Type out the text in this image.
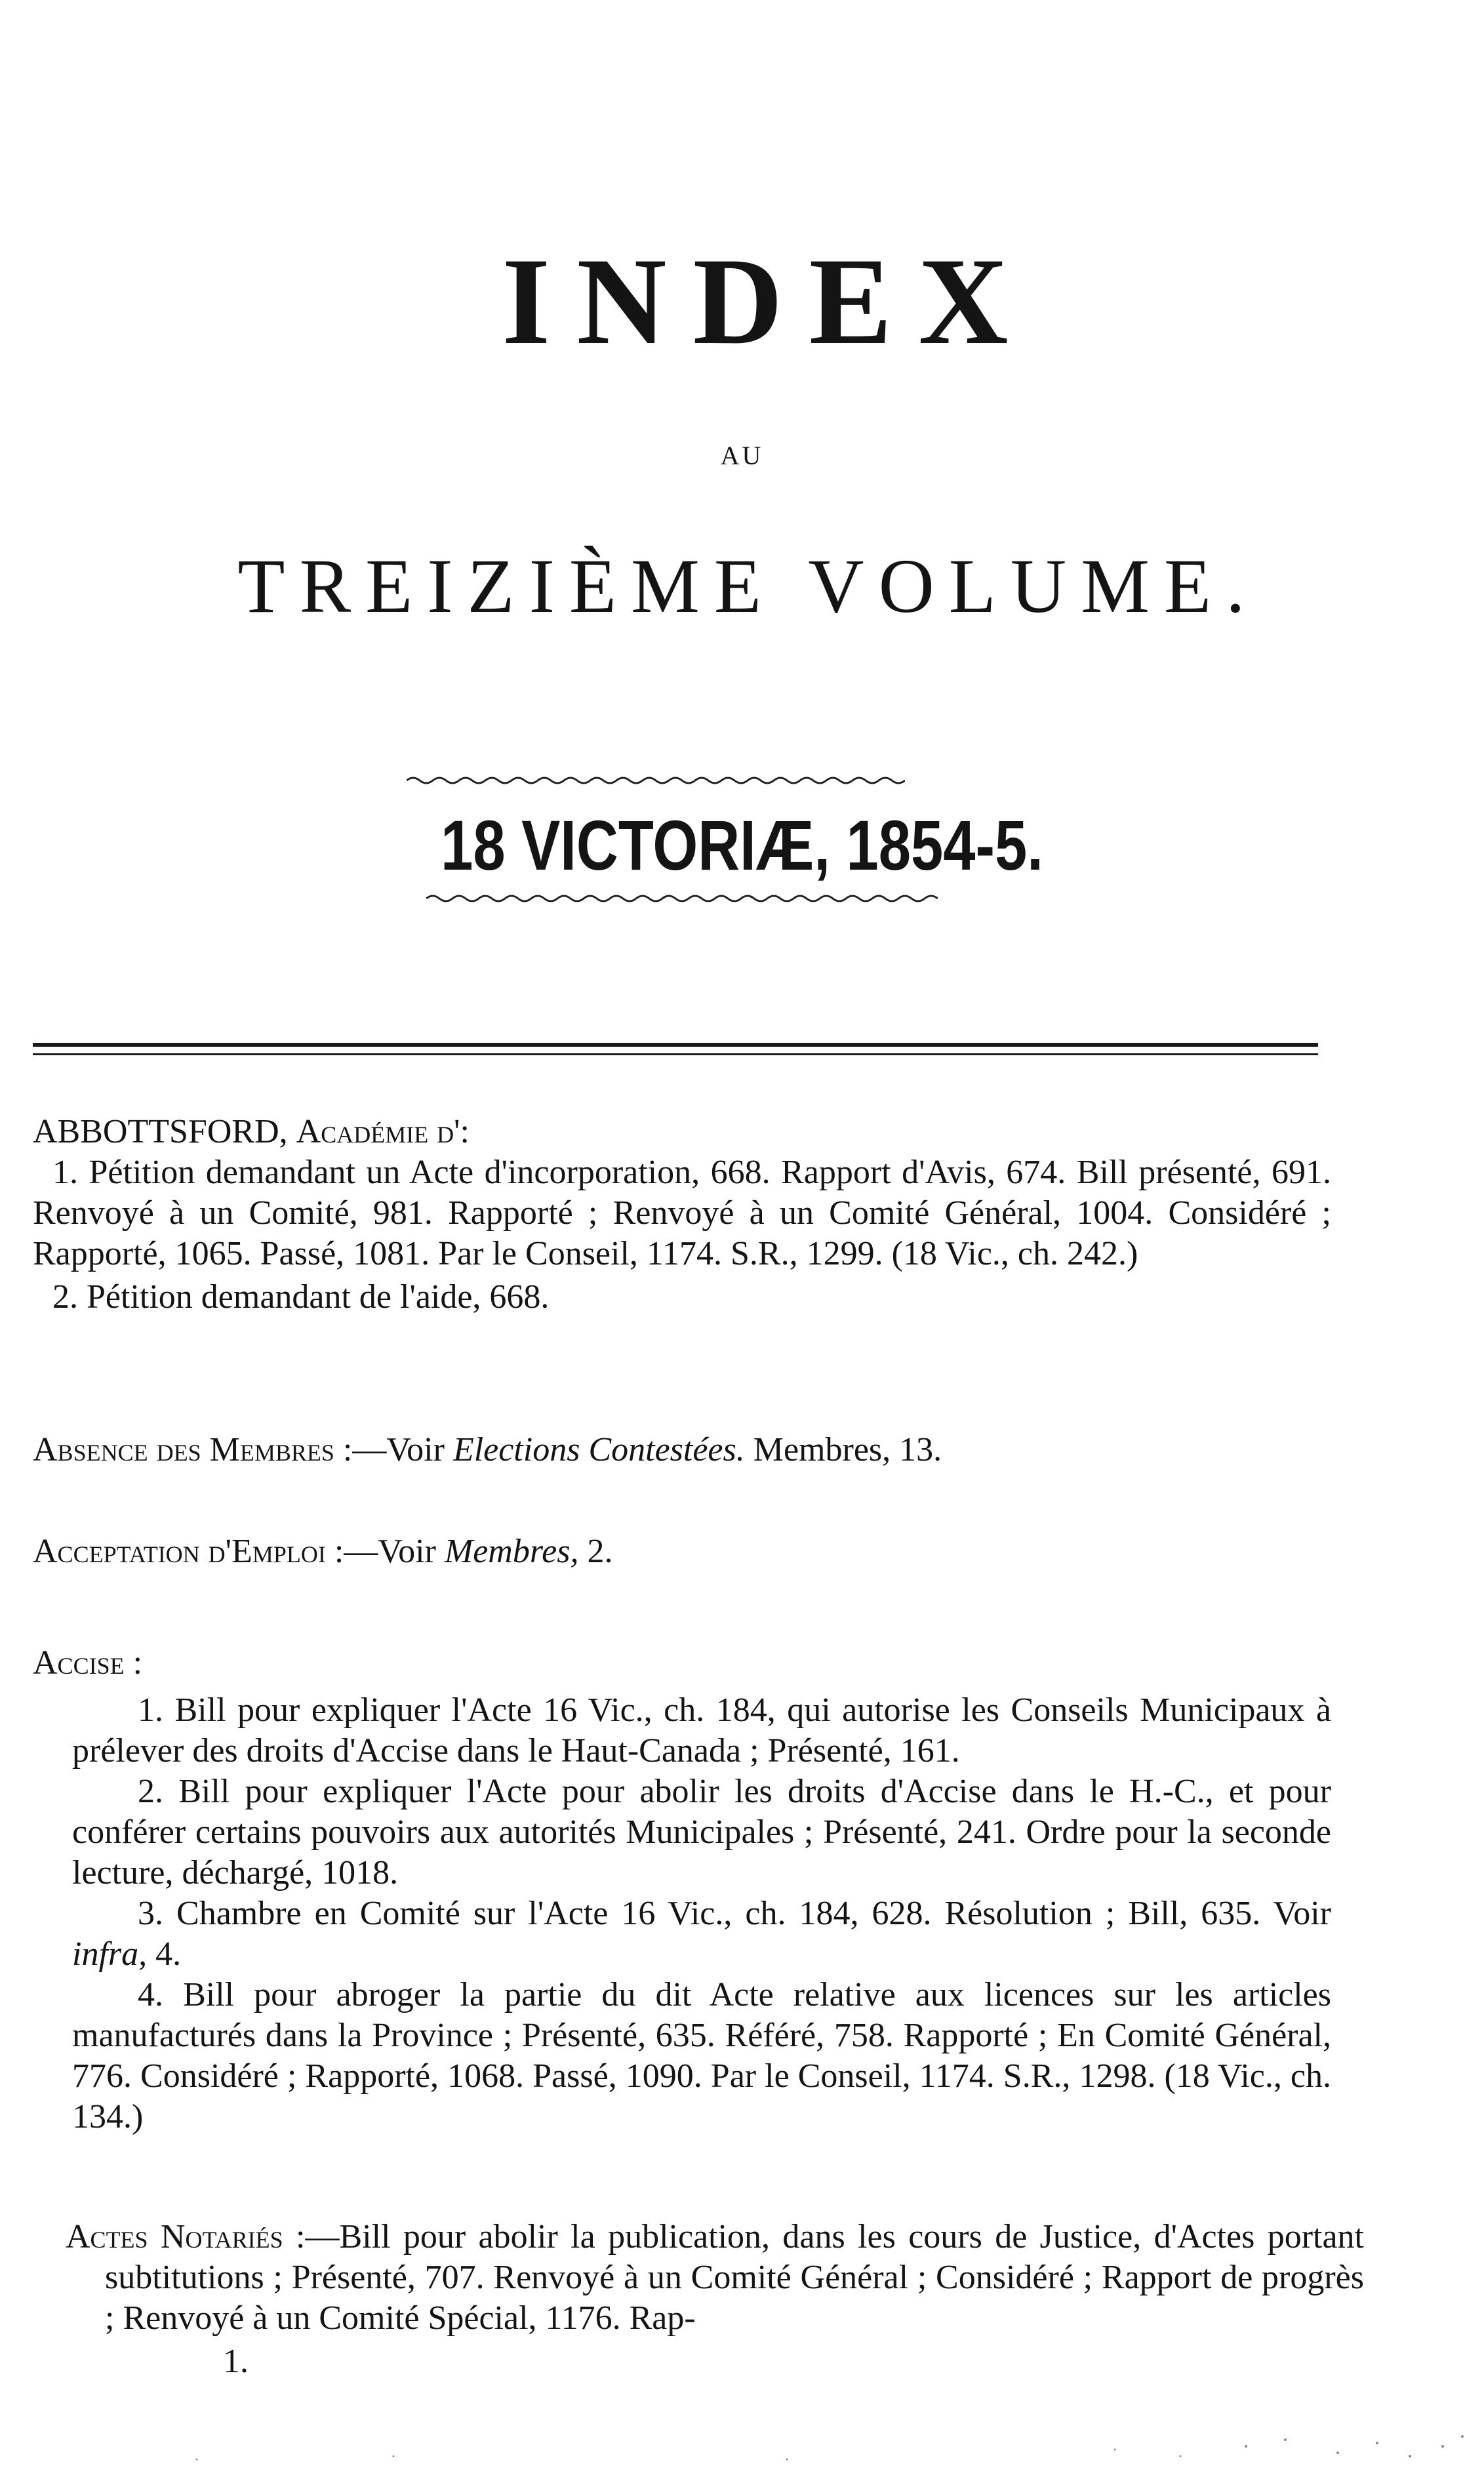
INDEX
AU
TREIZIÈME VOLUME.
18 VICTORIÆ, 1854-5.
ABBOTTSFORD, Académie d':
1. Pétition demandant un Acte d'incorporation, 668. Rapport d'Avis, 674. Bill présenté, 691. Renvoyé à un Comité, 981. Rapporté ; Renvoyé à un Comité Général, 1004. Considéré ; Rapporté, 1065. Passé, 1081. Par le Conseil, 1174. S.R., 1299. (18 Vic., ch. 242.)
2. Pétition demandant de l'aide, 668.
Absence des Membres :—Voir Elections Contestées. Membres, 13.
Acceptation d'Emploi :—Voir Membres, 2.
Accise :

1. Bill pour expliquer l'Acte 16 Vic., ch. 184, qui autorise les Conseils Municipaux à prélever des droits d'Accise dans le Haut-Canada ; Présenté, 161.

2. Bill pour expliquer l'Acte pour abolir les droits d'Accise dans le H.-C., et pour conférer certains pouvoirs aux autorités Municipales ; Présenté, 241. Ordre pour la seconde lecture, déchargé, 1018.

3. Chambre en Comité sur l'Acte 16 Vic., ch. 184, 628. Résolution ; Bill, 635. Voir infra, 4.

4. Bill pour abroger la partie du dit Acte relative aux licences sur les articles manufacturés dans la Province ; Présenté, 635. Référé, 758. Rapporté ; En Comité Général, 776. Considéré ; Rapporté, 1068. Passé, 1090. Par le Conseil, 1174. S.R., 1298. (18 Vic., ch. 134.)

Actes Notariés :—Bill pour abolir la publication, dans les cours de Justice, d'Actes portant subtitutions ; Présenté, 707. Renvoyé à un Comité Général ; Considéré ; Rapport de progrès ; Renvoyé à un Comité Spécial, 1176. Rap-
1.
